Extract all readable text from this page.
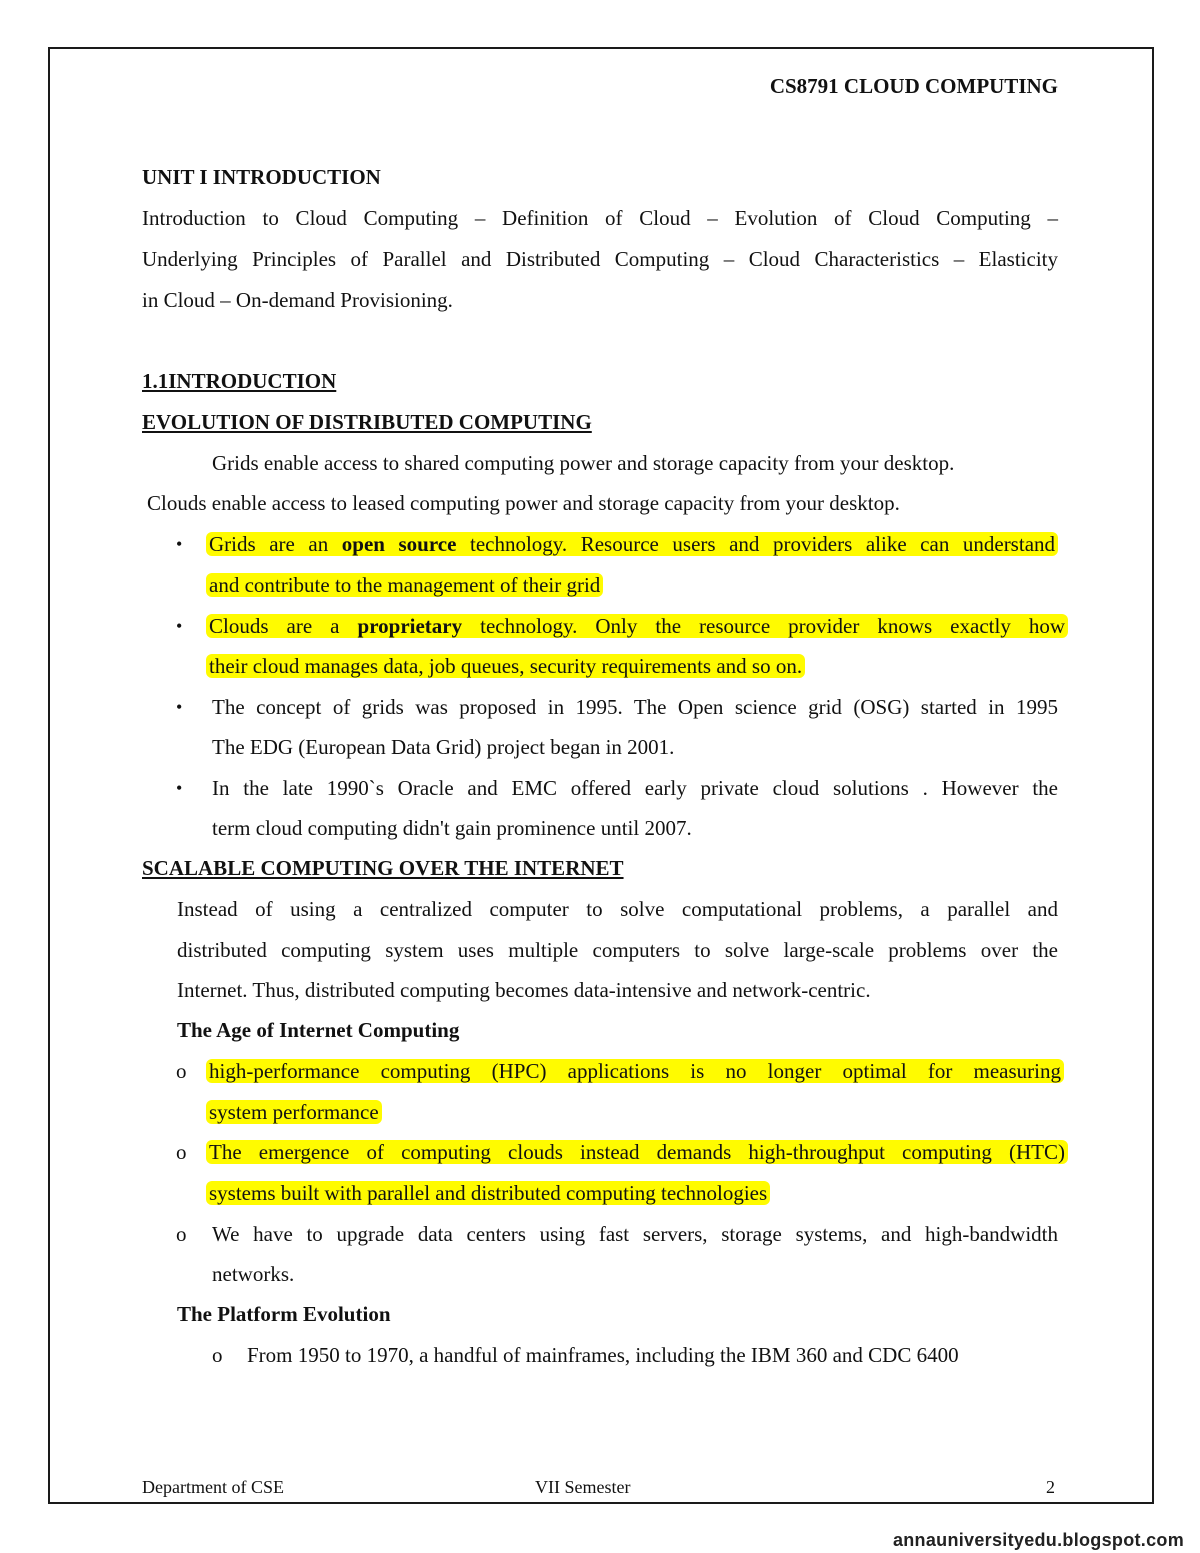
CS8791 CLOUD COMPUTING
UNIT I INTRODUCTION
Introduction to Cloud Computing – Definition of Cloud – Evolution of Cloud Computing –
Underlying Principles of Parallel and Distributed Computing – Cloud Characteristics – Elasticity
in Cloud – On-demand Provisioning.
1.1INTRODUCTION
EVOLUTION OF DISTRIBUTED COMPUTING
Grids enable access to shared computing power and storage capacity from your desktop.
Clouds enable access to leased computing power and storage capacity from your desktop.
• Grids are an open source technology. Resource users and providers alike can understand
and contribute to the management of their grid
• Clouds are a proprietary technology. Only the resource provider knows exactly how
their cloud manages data, job queues, security requirements and so on.
• The concept of grids was proposed in 1995. The Open science grid (OSG) started in 1995
The EDG (European Data Grid) project began in 2001.
• In the late 1990`s Oracle and EMC offered early private cloud solutions . However the
term cloud computing didn't gain prominence until 2007.
SCALABLE COMPUTING OVER THE INTERNET
Instead of using a centralized computer to solve computational problems, a parallel and
distributed computing system uses multiple computers to solve large-scale problems over the
Internet. Thus, distributed computing becomes data-intensive and network-centric.
The Age of Internet Computing
o high-performance computing (HPC) applications is no longer optimal for measuring
system performance
o The emergence of computing clouds instead demands high-throughput computing (HTC)
systems built with parallel and distributed computing technologies
o We have to upgrade data centers using fast servers, storage systems, and high-bandwidth
networks.
The Platform Evolution
o From 1950 to 1970, a handful of mainframes, including the IBM 360 and CDC 6400
Department of CSE	VII Semester	2
annauniversityedu.blogspot.com
